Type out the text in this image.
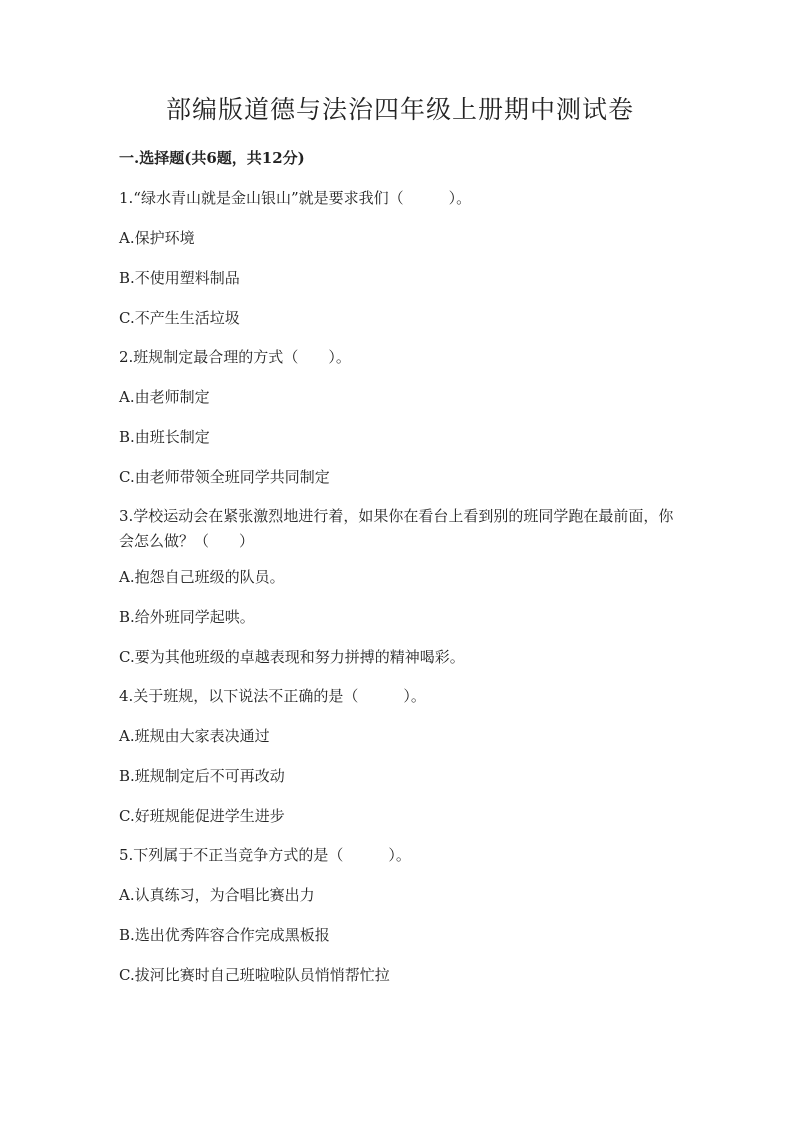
部编版道德与法治四年级上册期中测试卷
一.选择题(共6题，共12分)
1.“绿水青山就是金山银山”就是要求我们（　　　）。
A.保护环境
B.不使用塑料制品
C.不产生生活垃圾
2.班规制定最合理的方式（　　）。
A.由老师制定
B.由班长制定
C.由老师带领全班同学共同制定
3.学校运动会在紧张激烈地进行着，如果你在看台上看到别的班同学跑在最前面，你会怎么做？（　　）
A.抱怨自己班级的队员。
B.给外班同学起哄。
C.要为其他班级的卓越表现和努力拼搏的精神喝彩。
4.关于班规，以下说法不正确的是（　　　）。
A.班规由大家表决通过
B.班规制定后不可再改动
C.好班规能促进学生进步
5.下列属于不正当竞争方式的是（　　　）。
A.认真练习，为合唱比赛出力
B.选出优秀阵容合作完成黑板报
C.拔河比赛时自己班啦啦队员悄悄帮忙拉
